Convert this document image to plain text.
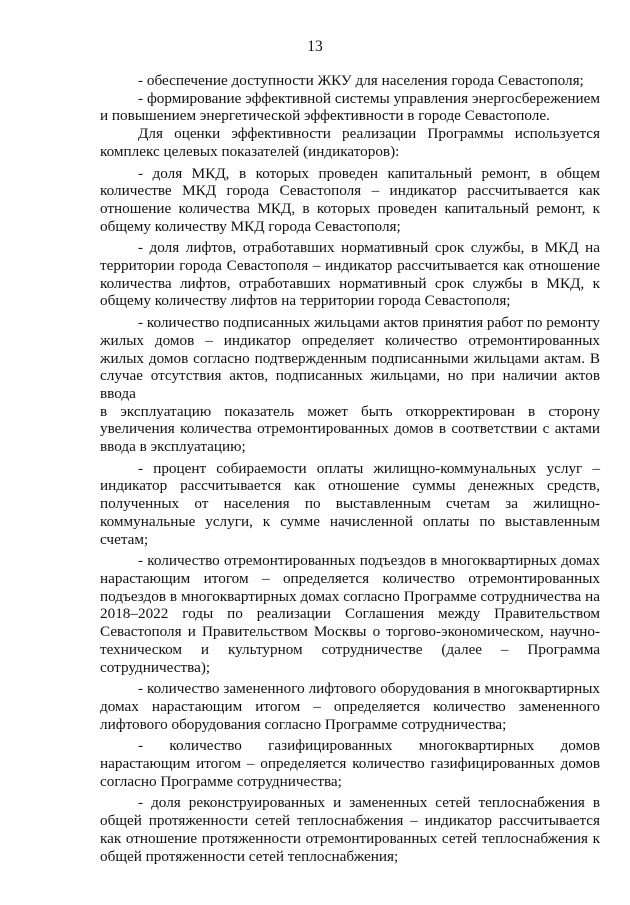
13

- обеспечение доступности ЖКУ для населения города Севастополя;

- формирование эффективной системы управления энергосбережением и повышением энергетической эффективности в городе Севастополе.

Для оценки эффективности реализации Программы используется комплекс целевых показателей (индикаторов):

- доля МКД, в которых проведен капитальный ремонт, в общем количестве МКД города Севастополя – индикатор рассчитывается как отношение количества МКД, в которых проведен капитальный ремонт, к общему количеству МКД города Севастополя;

- доля лифтов, отработавших нормативный срок службы, в МКД на территории города Севастополя – индикатор рассчитывается как отношение количества лифтов, отработавших нормативный срок службы в МКД, к общему количеству лифтов на территории города Севастополя;

- количество подписанных жильцами актов принятия работ по ремонту жилых домов – индикатор определяет количество отремонтированных жилых домов согласно подтвержденным подписанными жильцами актам. В случае отсутствия актов, подписанных жильцами, но при наличии актов ввода

в эксплуатацию показатель может быть откорректирован в сторону увеличения количества отремонтированных домов в соответствии с актами ввода в эксплуатацию;

- процент собираемости оплаты жилищно-коммунальных услуг – индикатор рассчитывается как отношение суммы денежных средств, полученных от населения по выставленным счетам за жилищно-коммунальные услуги, к сумме начисленной оплаты по выставленным счетам;

- количество отремонтированных подъездов в многоквартирных домах нарастающим итогом – определяется количество отремонтированных подъездов в многоквартирных домах согласно Программе сотрудничества на 2018–2022 годы по реализации Соглашения между Правительством Севастополя и Правительством Москвы о торгово-экономическом, научно-техническом и культурном сотрудничестве (далее – Программа сотрудничества);

- количество замененного лифтового оборудования в многоквартирных домах нарастающим итогом – определяется количество замененного лифтового оборудования согласно Программе сотрудничества;

- количество газифицированных многоквартирных домов нарастающим итогом – определяется количество газифицированных домов согласно Программе сотрудничества;

- доля реконструированных и замененных сетей теплоснабжения в общей протяженности сетей теплоснабжения – индикатор рассчитывается как отношение протяженности отремонтированных сетей теплоснабжения к общей протяженности сетей теплоснабжения;
